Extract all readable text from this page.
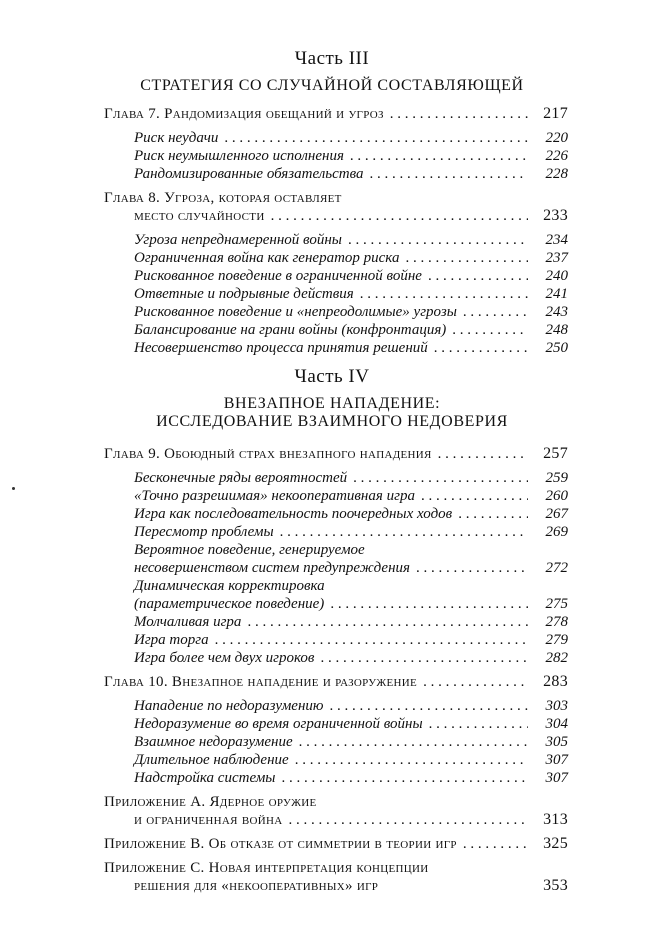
Часть III
СТРАТЕГИЯ СО СЛУЧАЙНОЙ СОСТАВЛЯЮЩЕЙ
Глава 7. Рандомизация обещаний и угроз . . .	217
Риск неудачи . . .	220
Риск неумышленного исполнения . . .	226
Рандомизированные обязательства . . .	228
Глава 8. Угроза, которая оставляет
место случайности . . .	233
Угроза непреднамеренной войны . . .	234
Ограниченная война как генератор риска . . .	237
Рискованное поведение в ограниченной войне . . .	240
Ответные и подрывные действия . . .	241
Рискованное поведение и «непреодолимые» угрозы . . .	243
Балансирование на грани войны (конфронтация) . . .	248
Несовершенство процесса принятия решений . . .	250
Часть IV
ВНЕЗАПНОЕ НАПАДЕНИЕ:
ИССЛЕДОВАНИЕ ВЗАИМНОГО НЕДОВЕРИЯ
Глава 9. Обоюдный страх внезапного нападения . . .	257
Бесконечные ряды вероятностей . . .	259
«Точно разрешимая» некооперативная игра . . .	260
Игра как последовательность поочередных ходов . . .	267
Пересмотр проблемы . . .	269
Вероятное поведение, генерируемое
несовершенством систем предупреждения . . .	272
Динамическая корректировка
(параметрическое поведение) . . .	275
Молчаливая игра . . .	278
Игра торга . . .	279
Игра более чем двух игроков . . .	282
Глава 10. Внезапное нападение и разоружение . . .	283
Нападение по недоразумению . . .	303
Недоразумение во время ограниченной войны . . .	304
Взаимное недоразумение . . .	305
Длительное наблюдение . . .	307
Надстройка системы . . .	307
Приложение А. Ядерное оружие
и ограниченная война . . .	313
Приложение В. Об отказе от симметрии в теории игр . . .	325
Приложение С. Новая интерпретация концепции
решения для «некооперативных» игр	353
